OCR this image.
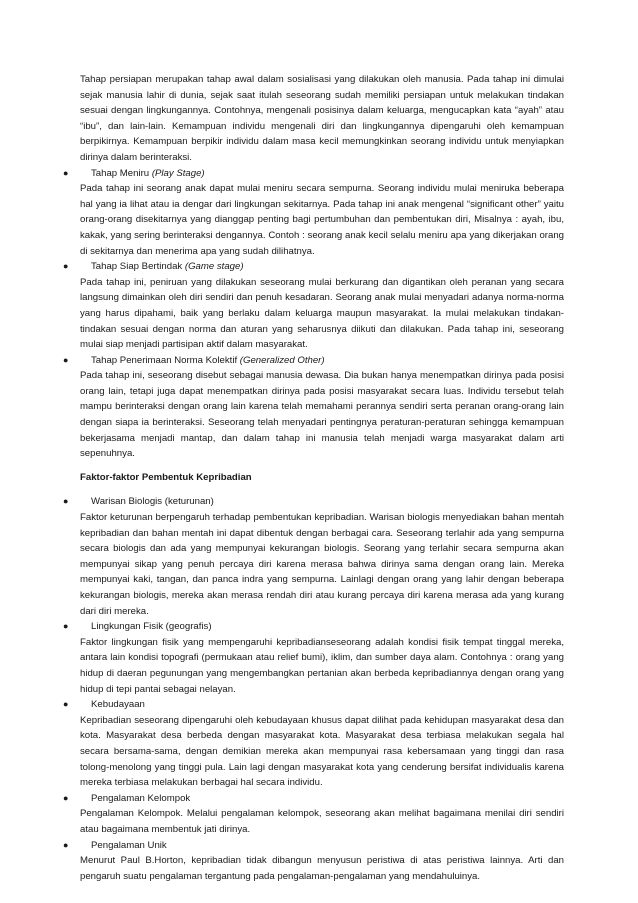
Tahap persiapan merupakan tahap awal dalam sosialisasi yang dilakukan oleh manusia. Pada tahap ini dimulai sejak manusia lahir di dunia, sejak saat itulah seseorang sudah memiliki persiapan untuk melakukan tindakan sesuai dengan lingkungannya. Contohnya, mengenali posisinya dalam keluarga, mengucapkan kata “ayah” atau “ibu”, dan lain-lain. Kemampuan individu mengenali diri dan lingkungannya dipengaruhi oleh kemampuan berpikirnya. Kemampuan berpikir individu dalam masa kecil memungkinkan seorang individu untuk menyiapkan dirinya dalam berinteraksi.

● Tahap Meniru (Play Stage)

Pada tahap ini seorang anak dapat mulai meniru secara sempurna. Seorang individu mulai meniruka beberapa hal yang ia lihat atau ia dengar dari lingkungan sekitarnya. Pada tahap ini anak mengenal “significant other” yaitu orang-orang disekitarnya yang dianggap penting bagi pertumbuhan dan pembentukan diri, Misalnya : ayah, ibu, kakak, yang sering berinteraksi dengannya. Contoh : seorang anak kecil selalu meniru apa yang dikerjakan orang di sekitarnya dan menerima apa yang sudah dilihatnya.

● Tahap Siap Bertindak (Game stage)

Pada tahap ini, peniruan yang dilakukan seseorang mulai berkurang dan digantikan oleh peranan yang secara langsung dimainkan oleh diri sendiri dan penuh kesadaran. Seorang anak mulai menyadari adanya norma-norma yang harus dipahami, baik yang berlaku dalam keluarga maupun masyarakat. Ia mulai melakukan tindakan-tindakan sesuai dengan norma dan aturan yang seharusnya diikuti dan dilakukan. Pada tahap ini, seseorang mulai siap menjadi partisipan aktif dalam masyarakat.

● Tahap Penerimaan Norma Kolektif (Generalized Other)

Pada tahap ini, seseorang disebut sebagai manusia dewasa. Dia bukan hanya menempatkan dirinya pada posisi orang lain, tetapi juga dapat menempatkan dirinya pada posisi masyarakat secara luas. Individu tersebut telah mampu berinteraksi dengan orang lain karena telah memahami perannya sendiri serta peranan orang-orang lain dengan siapa ia berinteraksi. Seseorang telah menyadari pentingnya peraturan-peraturan sehingga kemampuan bekerjasama menjadi mantap, dan dalam tahap ini manusia telah menjadi warga masyarakat dalam arti sepenuhnya.

Faktor-faktor Pembentuk Kepribadian
● Warisan Biologis (keturunan)

Faktor keturunan berpengaruh terhadap pembentukan kepribadian. Warisan biologis menyediakan bahan mentah kepribadian dan bahan mentah ini dapat dibentuk dengan berbagai cara. Seseorang terlahir ada yang sempurna secara biologis dan ada yang mempunyai kekurangan biologis. Seorang yang terlahir secara sempurna akan mempunyai sikap yang penuh percaya diri karena merasa bahwa dirinya sama dengan orang lain. Mereka mempunyai kaki, tangan, dan panca indra yang sempurna. Lainlagi dengan orang yang lahir dengan beberapa kekurangan biologis, mereka akan merasa rendah diri atau kurang percaya diri karena merasa ada yang kurang dari diri mereka.

● Lingkungan Fisik (geografis)

Faktor lingkungan fisik yang mempengaruhi kepribadianseseorang adalah kondisi fisik tempat tinggal mereka, antara lain kondisi topografi (permukaan atau relief bumi), iklim, dan sumber daya alam. Contohnya : orang yang hidup di daeran pegunungan yang mengembangkan pertanian akan berbeda kepribadiannya dengan orang yang hidup di tepi pantai sebagai nelayan.

● Kebudayaan

Kepribadian seseorang dipengaruhi oleh kebudayaan khusus dapat dilihat pada kehidupan masyarakat desa dan kota. Masyarakat desa berbeda dengan masyarakat kota. Masyarakat desa terbiasa melakukan segala hal secara bersama-sama, dengan demikian mereka akan mempunyai rasa kebersamaan yang tinggi dan rasa tolong-menolong yang tinggi pula. Lain lagi dengan masyarakat kota yang cenderung bersifat individualis karena mereka terbiasa melakukan berbagai hal secara individu.

● Pengalaman Kelompok

Pengalaman Kelompok. Melalui pengalaman kelompok, seseorang akan melihat bagaimana menilai diri sendiri atau bagaimana membentuk jati dirinya.

● Pengalaman Unik

Menurut Paul B.Horton, kepribadian tidak dibangun menyusun peristiwa di atas peristiwa lainnya. Arti dan pengaruh suatu pengalaman tergantung pada pengalaman-pengalaman yang mendahuluinya.
